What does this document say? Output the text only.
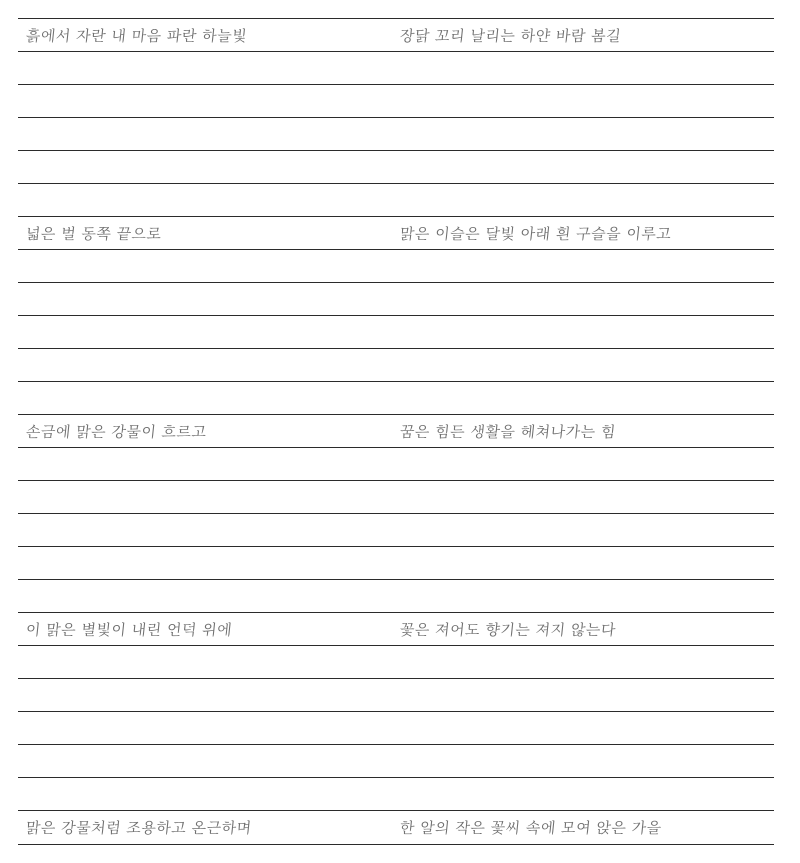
흙에서 자란 내 마음 파란 하늘빛	장닭 꼬리 날리는 하얀 바람 봄길
넓은 벌 동쪽 끝으로	맑은 이슬은 달빛 아래 흰 구슬을 이루고
손금에 맑은 강물이 흐르고	꿈은 힘든 생활을 헤쳐나가는 힘
이 맑은 별빛이 내린 언덕 위에	꽃은 져어도 향기는 져지 않는다
맑은 강물처럼 조용하고 온근하며	한 알의 작은 꽃씨 속에 모여 앉은 가을
